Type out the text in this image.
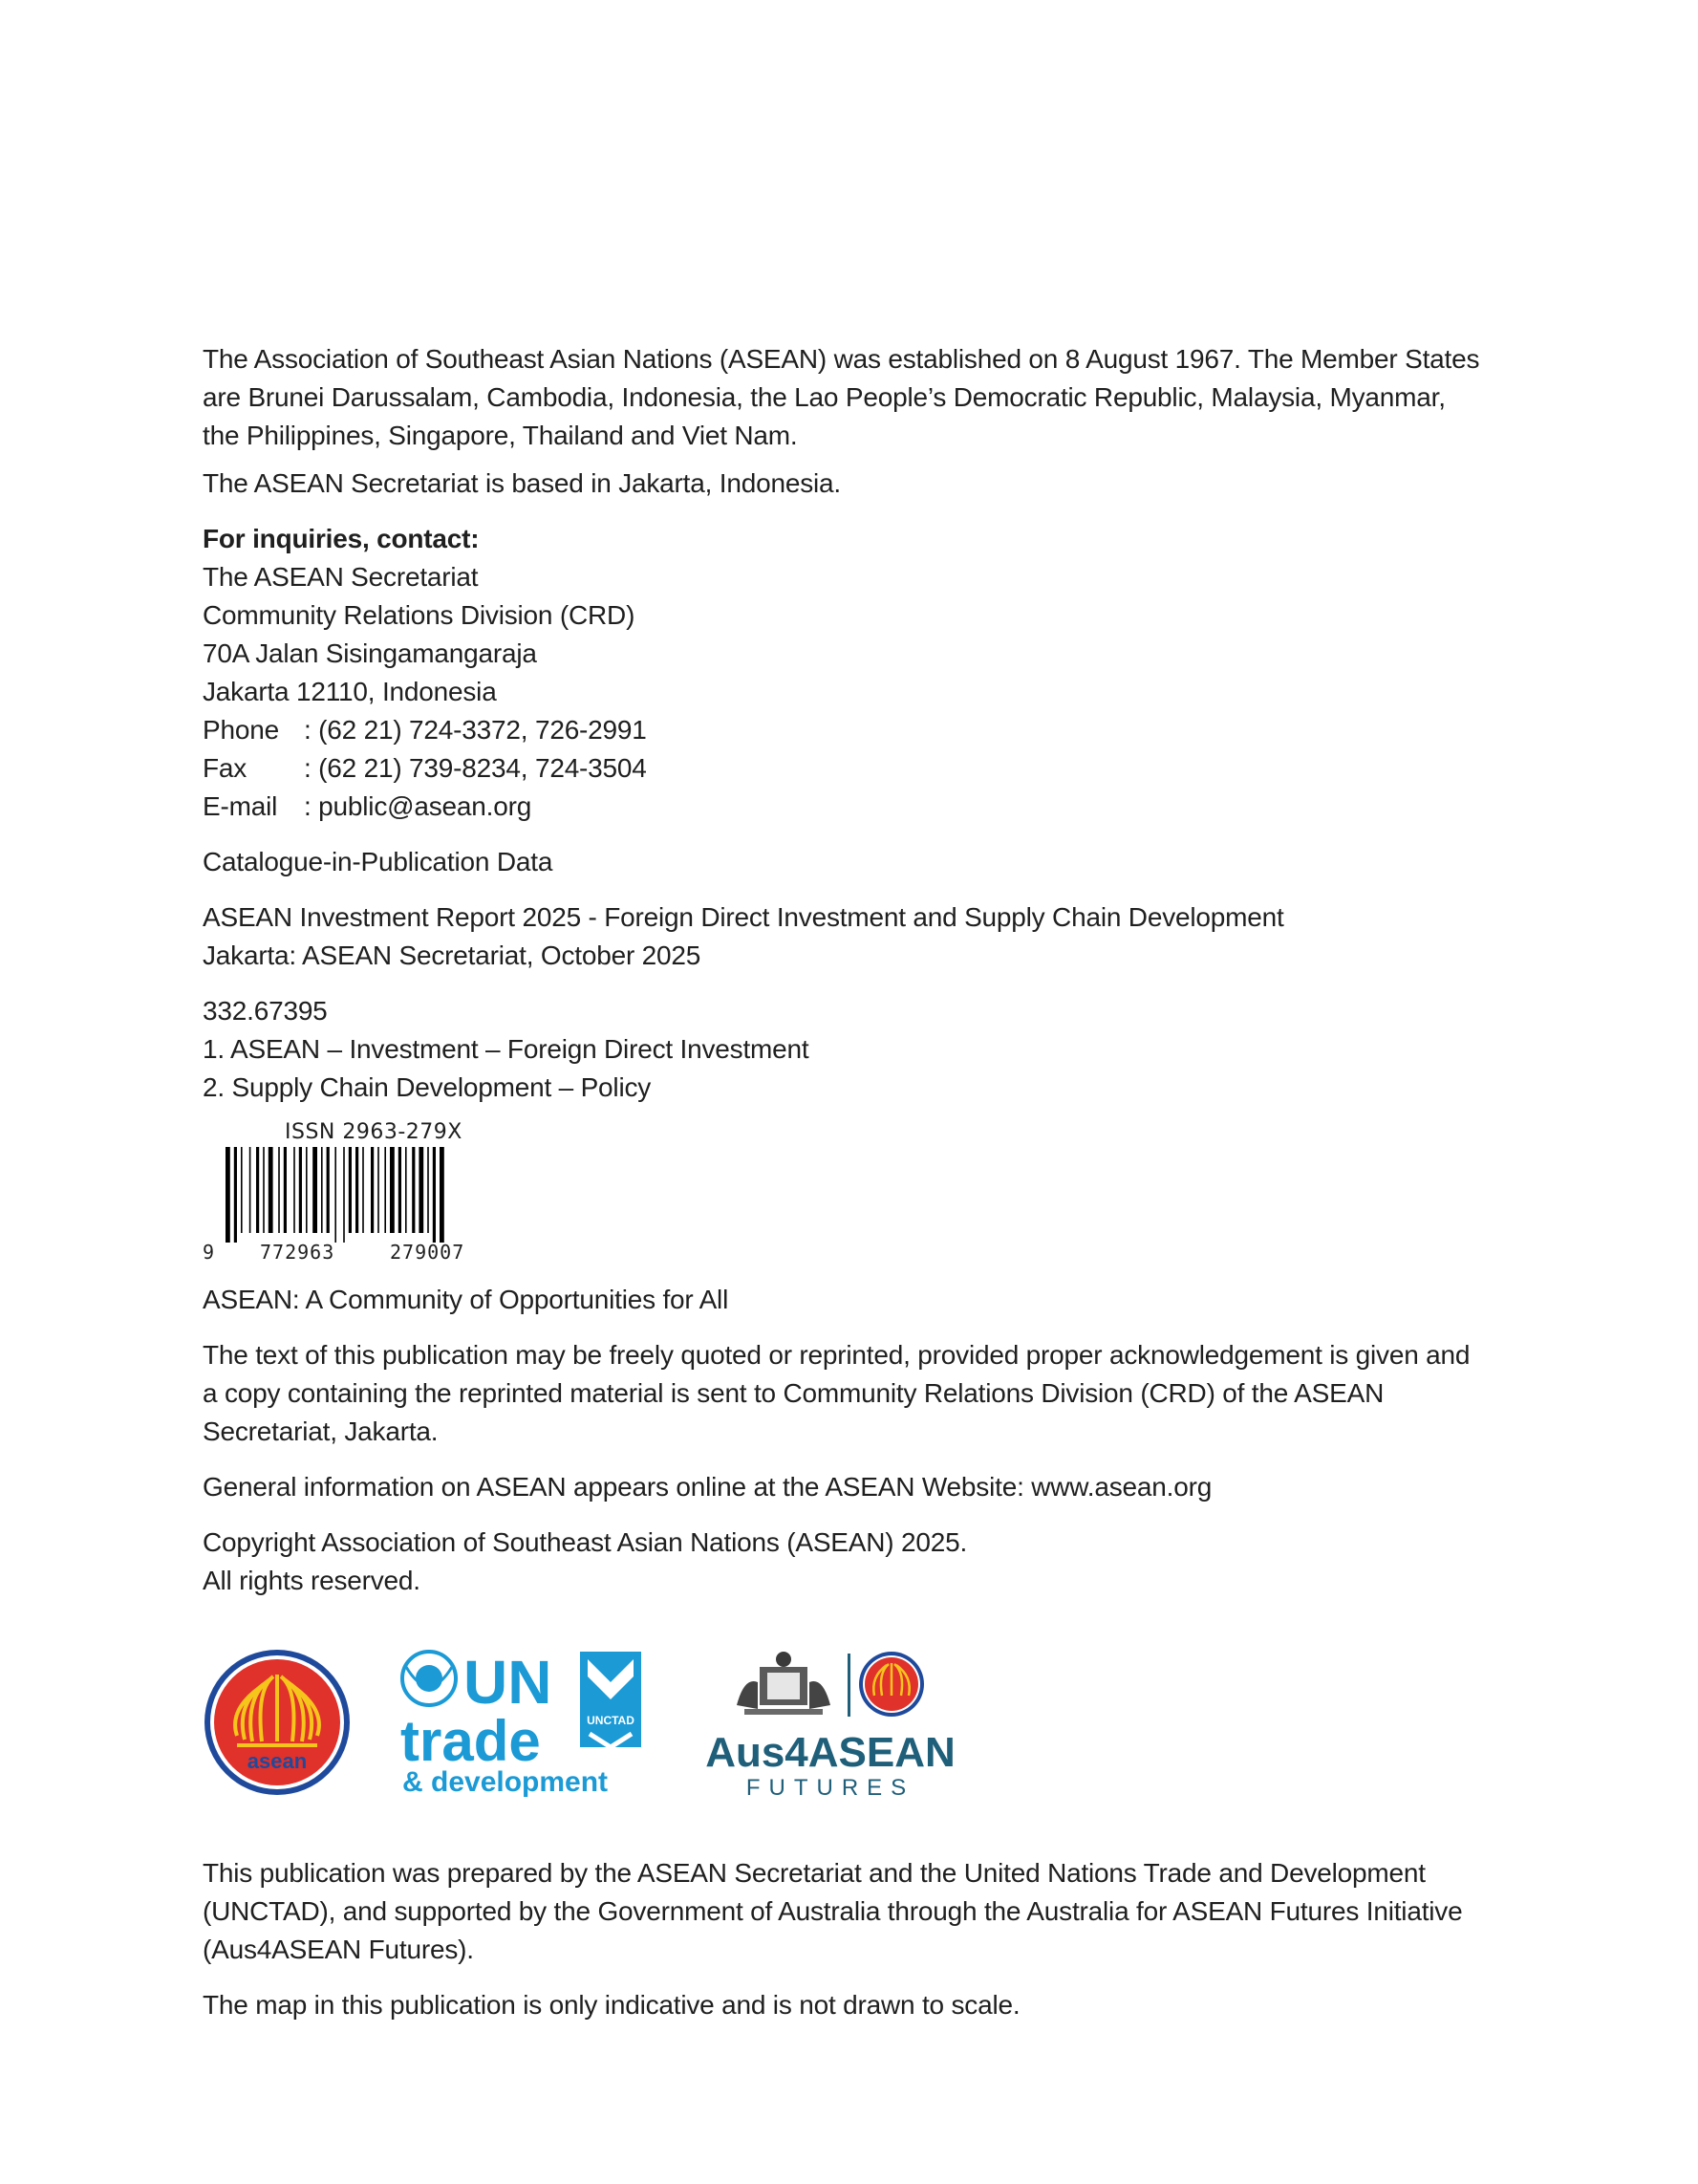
The Association of Southeast Asian Nations (ASEAN) was established on 8 August 1967. The Member States are Brunei Darussalam, Cambodia, Indonesia, the Lao People’s Democratic Republic, Malaysia, Myanmar, the Philippines, Singapore, Thailand and Viet Nam.

The ASEAN Secretariat is based in Jakarta, Indonesia.

For inquiries, contact:

The ASEAN Secretariat

Community Relations Division (CRD)

70A Jalan Sisingamangaraja

Jakarta 12110, Indonesia

Phone : (62 21) 724-3372, 726-2991

Fax	: (62 21) 739-8234, 724-3504

E-mail : public@asean.org

Catalogue-in-Publication Data

ASEAN Investment Report 2025 - Foreign Direct Investment and Supply Chain Development

Jakarta: ASEAN Secretariat, October 2025

332.67395

1. ASEAN – Investment – Foreign Direct Investment

2. Supply Chain Development – Policy

ISSN 2963-279X
9 772963	279007

ASEAN: A Community of Opportunities for All

The text of this publication may be freely quoted or reprinted, provided proper acknowledgement is given and a copy containing the reprinted material is sent to Community Relations Division (CRD) of the ASEAN Secretariat, Jakarta.

General information on ASEAN appears online at the ASEAN Website: www.asean.org

Copyright Association of Southeast Asian Nations (ASEAN) 2025.

All rights reserved.

asean
UN
UNCTAD
trade
& development
Aus4ASEAN
FUTURES

This publication was prepared by the ASEAN Secretariat and the United Nations Trade and Development (UNCTAD), and supported by the Government of Australia through the Australia for ASEAN Futures Initiative (Aus4ASEAN Futures).

The map in this publication is only indicative and is not drawn to scale.
